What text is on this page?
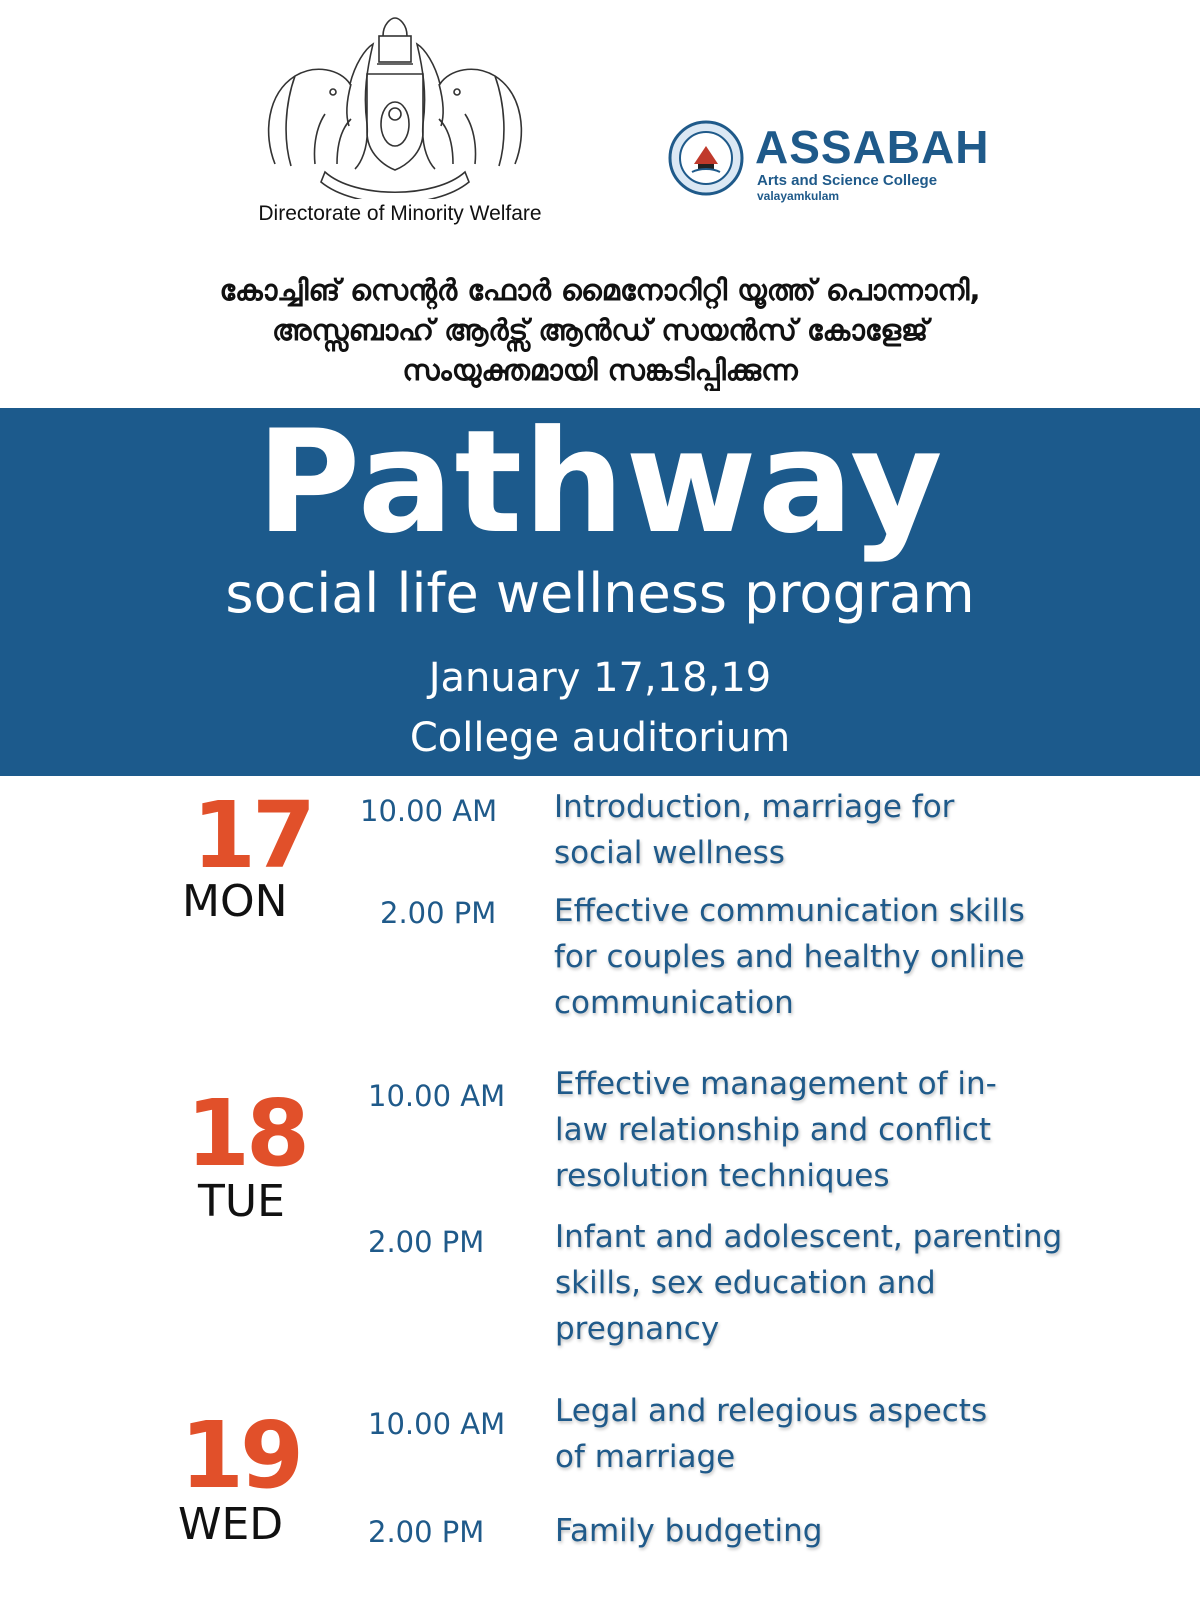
Directorate of Minority Welfare
ASSABAH
Arts and Science College
valayamkulam
കോച്ചിങ് സെന്റർ ഫോർ മൈനോറിറ്റി യൂത്ത് പൊന്നാനി,
അസ്സബാഹ് ആർട്സ് ആൻഡ് സയൻസ് കോളേജ്
സംയുക്തമായി സങ്കടിപ്പിക്കുന്ന
Pathway
social life wellness program
January 17,18,19
College auditorium
17
MON
10.00 AM Introduction, marriage for
social wellness
2.00 PM Effective communication skills
for couples and healthy online
communication
18
TUE
10.00 AM Effective management of in-
law relationship and conflict
resolution techniques
2.00 PM Infant and adolescent, parenting
skills, sex education and
pregnancy
19
WED
10.00 AM Legal and relegious aspects
of marriage
2.00 PM Family budgeting
